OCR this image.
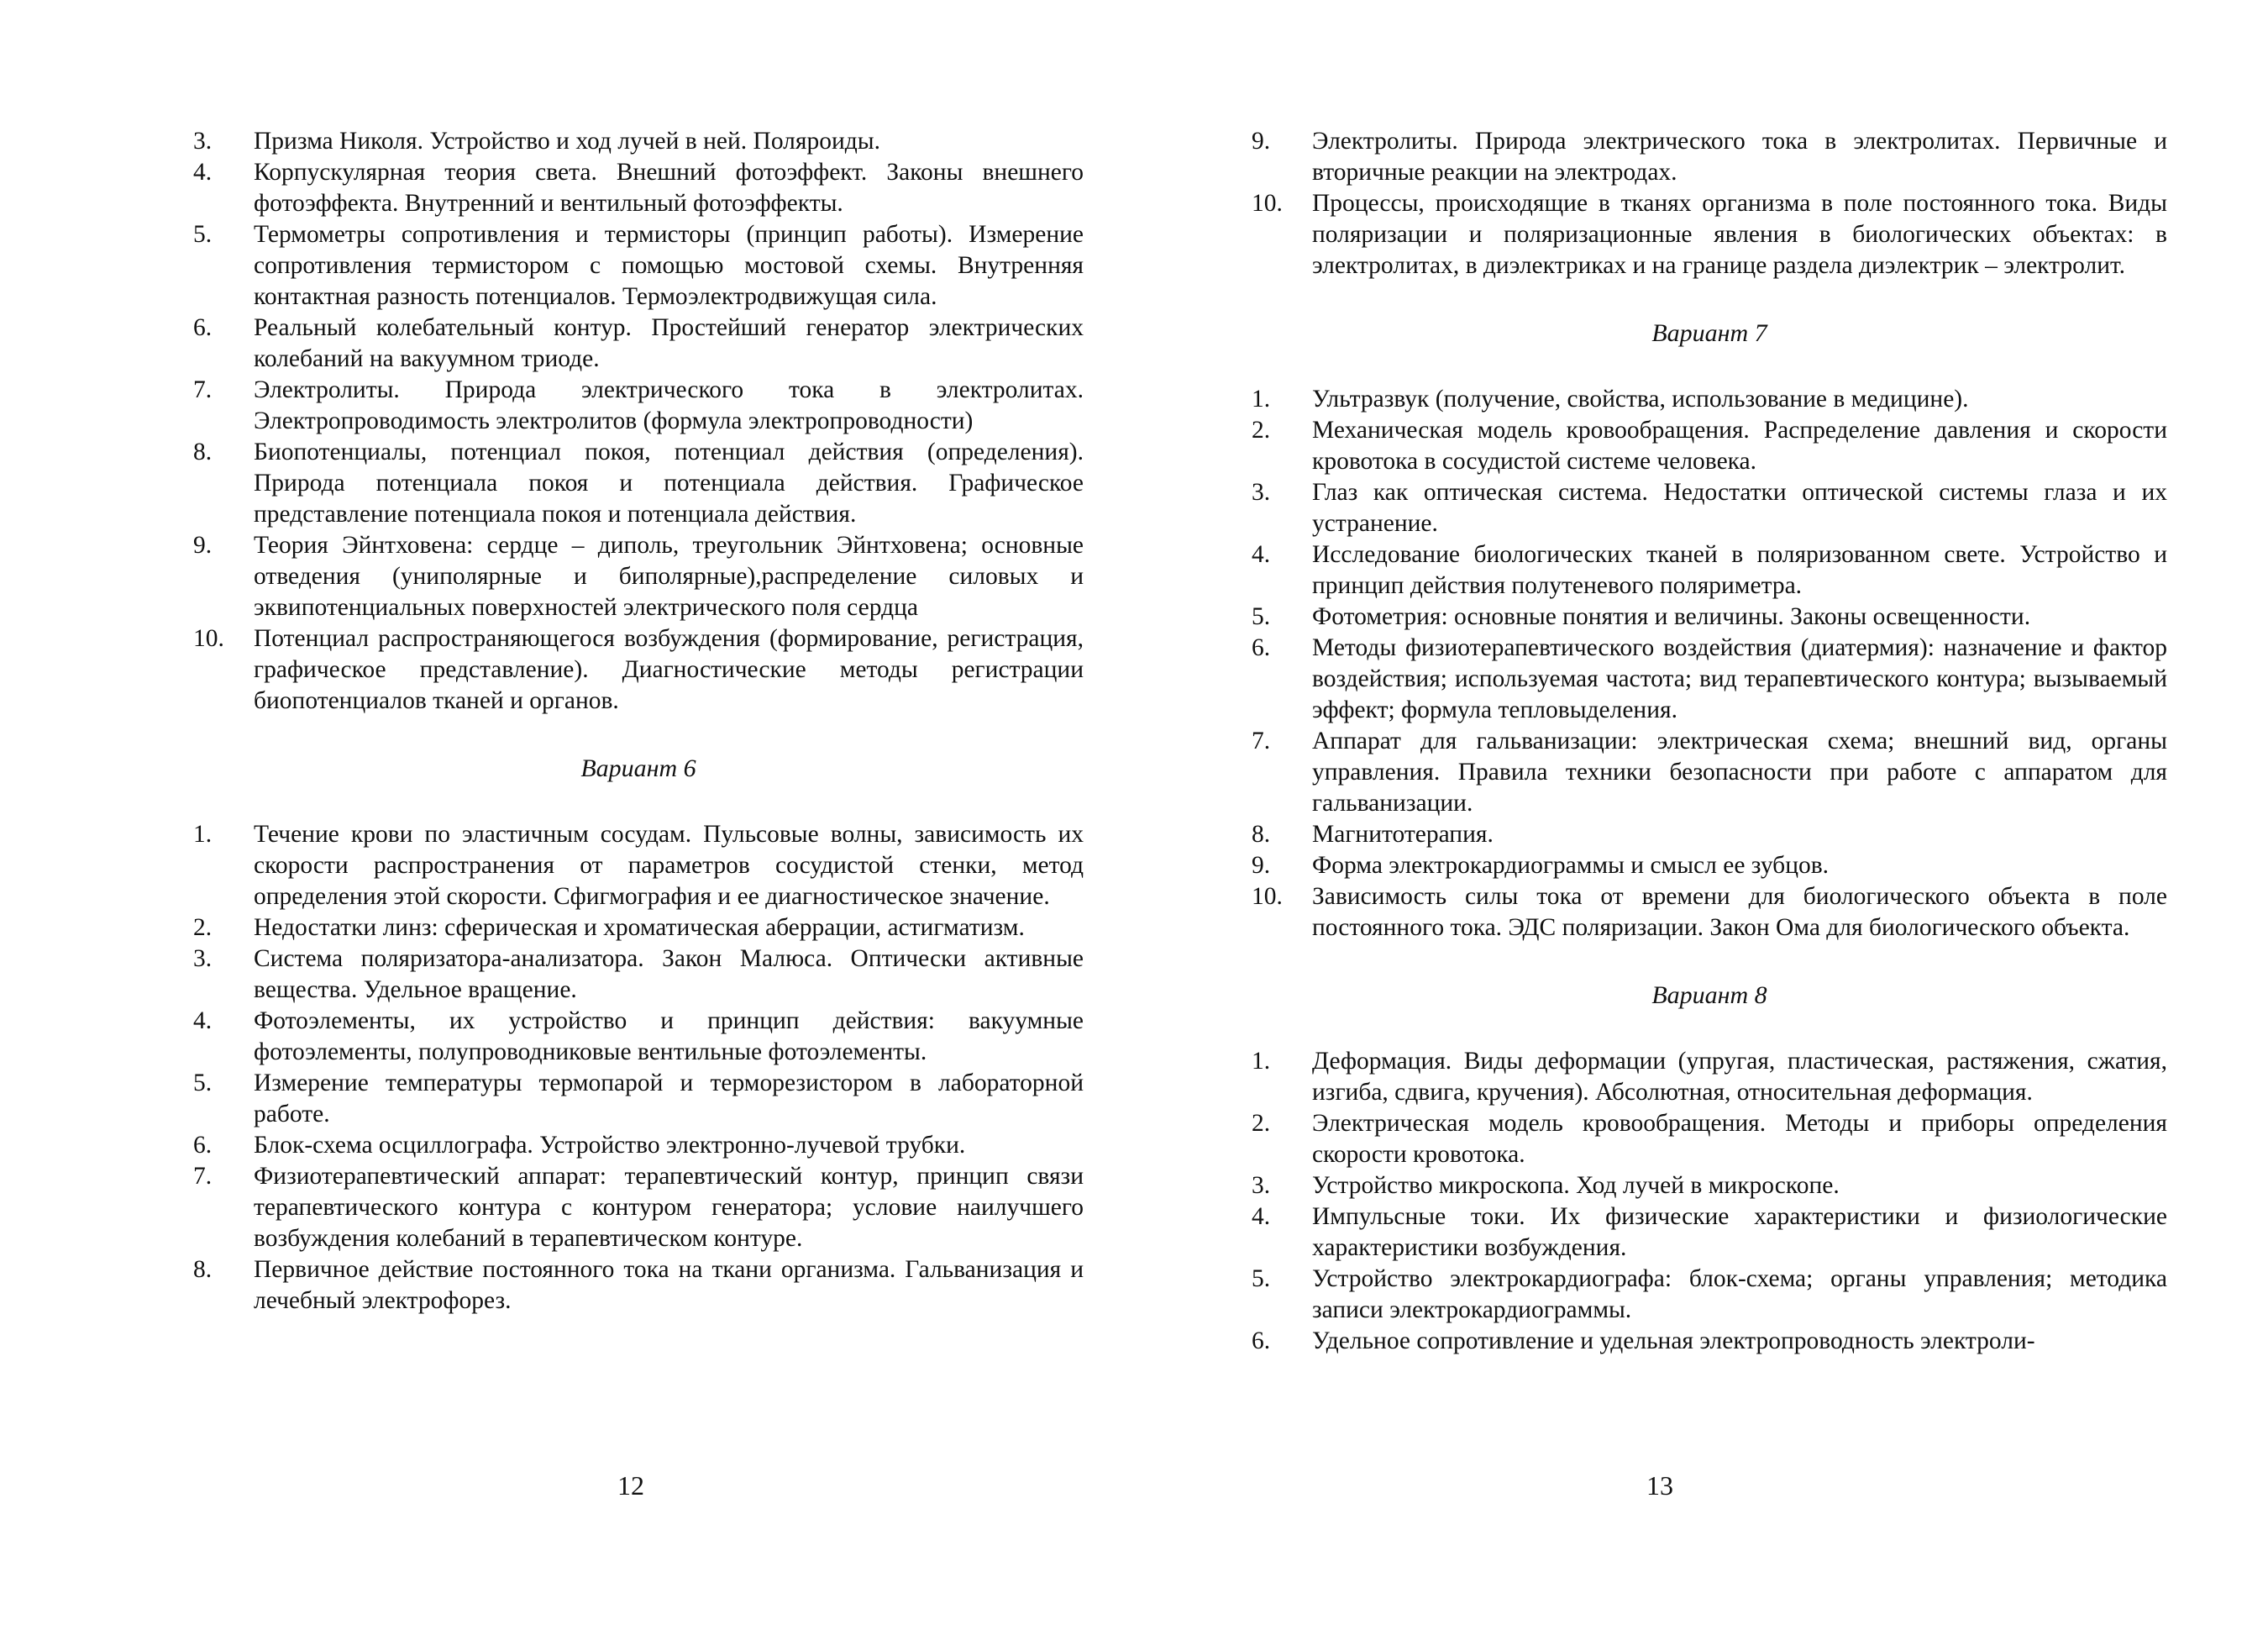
3.	Призма Николя. Устройство и ход лучей в ней. Поляроиды.
4.	Корпускулярная теория света. Внешний фотоэффект. Законы внешнего фотоэффекта. Внутренний и вентильный фотоэффекты.
5.	Термометры сопротивления и термисторы (принцип работы). Измерение сопротивления термистором с помощью мостовой схемы. Внутренняя контактная разность потенциалов. Термоэлектродвижущая сила.
6.	Реальный колебательный контур. Простейший генератор электрических колебаний на вакуумном триоде.
7.	Электролиты. Природа электрического тока в электролитах. Электропроводимость электролитов (формула электропроводности)
8.	Биопотенциалы, потенциал покоя, потенциал действия (определения). Природа потенциала покоя и потенциала действия. Графическое представление потенциала покоя и потенциала действия.
9.	Теория Эйнтховена: сердце – диполь, треугольник Эйнтховена; основные отведения (униполярные и биполярные),распределение силовых и эквипотенциальных поверхностей электрического поля сердца
10.	Потенциал распространяющегося возбуждения (формирование, регистрация, графическое представление). Диагностические методы регистрации биопотенциалов тканей и органов.
Вариант 6
1.	Течение крови по эластичным сосудам. Пульсовые волны, зависимость их скорости распространения от параметров сосудистой стенки, метод определения этой скорости. Сфигмография и ее диагностическое значение.
2.	Недостатки линз: сферическая и хроматическая аберрации, астигматизм.
3.	Система поляризатора-анализатора. Закон Малюса. Оптически активные вещества. Удельное вращение.
4.	Фотоэлементы, их устройство и принцип действия: вакуумные фотоэлементы, полупроводниковые вентильные фотоэлементы.
5.	Измерение температуры термопарой и терморезистором в лабораторной работе.
6.	Блок-схема осциллографа. Устройство электронно-лучевой трубки.
7.	Физиотерапевтический аппарат: терапевтический контур, принцип связи терапевтического контура с контуром генератора; условие наилучшего возбуждения колебаний в терапевтическом контуре.
8.	Первичное действие постоянного тока на ткани организма. Гальванизация и лечебный электрофорез.
12
9.	Электролиты. Природа электрического тока в электролитах. Первичные и вторичные реакции на электродах.
10.	Процессы, происходящие в тканях организма в поле постоянного тока. Виды поляризации и поляризационные явления в биологических объектах: в электролитах, в диэлектриках и на границе раздела диэлектрик – электролит.
Вариант 7
1.	Ультразвук (получение, свойства, использование в медицине).
2.	Механическая модель кровообращения. Распределение давления и скорости кровотока в сосудистой системе человека.
3.	Глаз как оптическая система. Недостатки оптической системы глаза и их устранение.
4.	Исследование биологических тканей в поляризованном свете. Устройство и принцип действия полутеневого поляриметра.
5.	Фотометрия: основные понятия и величины. Законы освещенности.
6.	Методы физиотерапевтического воздействия (диатермия): назначение и фактор воздействия; используемая частота; вид терапевтического контура; вызываемый эффект; формула тепловыделения.
7.	Аппарат для гальванизации: электрическая схема; внешний вид, органы управления. Правила техники безопасности при работе с аппаратом для гальванизации.
8.	Магнитотерапия.
9.	Форма электрокардиограммы и смысл ее зубцов.
10.	Зависимость силы тока от времени для биологического объекта в поле постоянного тока. ЭДС поляризации. Закон Ома для биологического объекта.
Вариант 8
1.	Деформация. Виды деформации (упругая, пластическая, растяжения, сжатия, изгиба, сдвига, кручения). Абсолютная, относительная деформация.
2.	Электрическая модель кровообращения. Методы и приборы определения скорости кровотока.
3.	Устройство микроскопа. Ход лучей в микроскопе.
4.	Импульсные токи. Их физические характеристики и физиологические характеристики возбуждения.
5.	Устройство электрокардиографа: блок-схема; органы управления; методика записи электрокардиограммы.
6.	Удельное сопротивление и удельная электропроводность электроли-
13
